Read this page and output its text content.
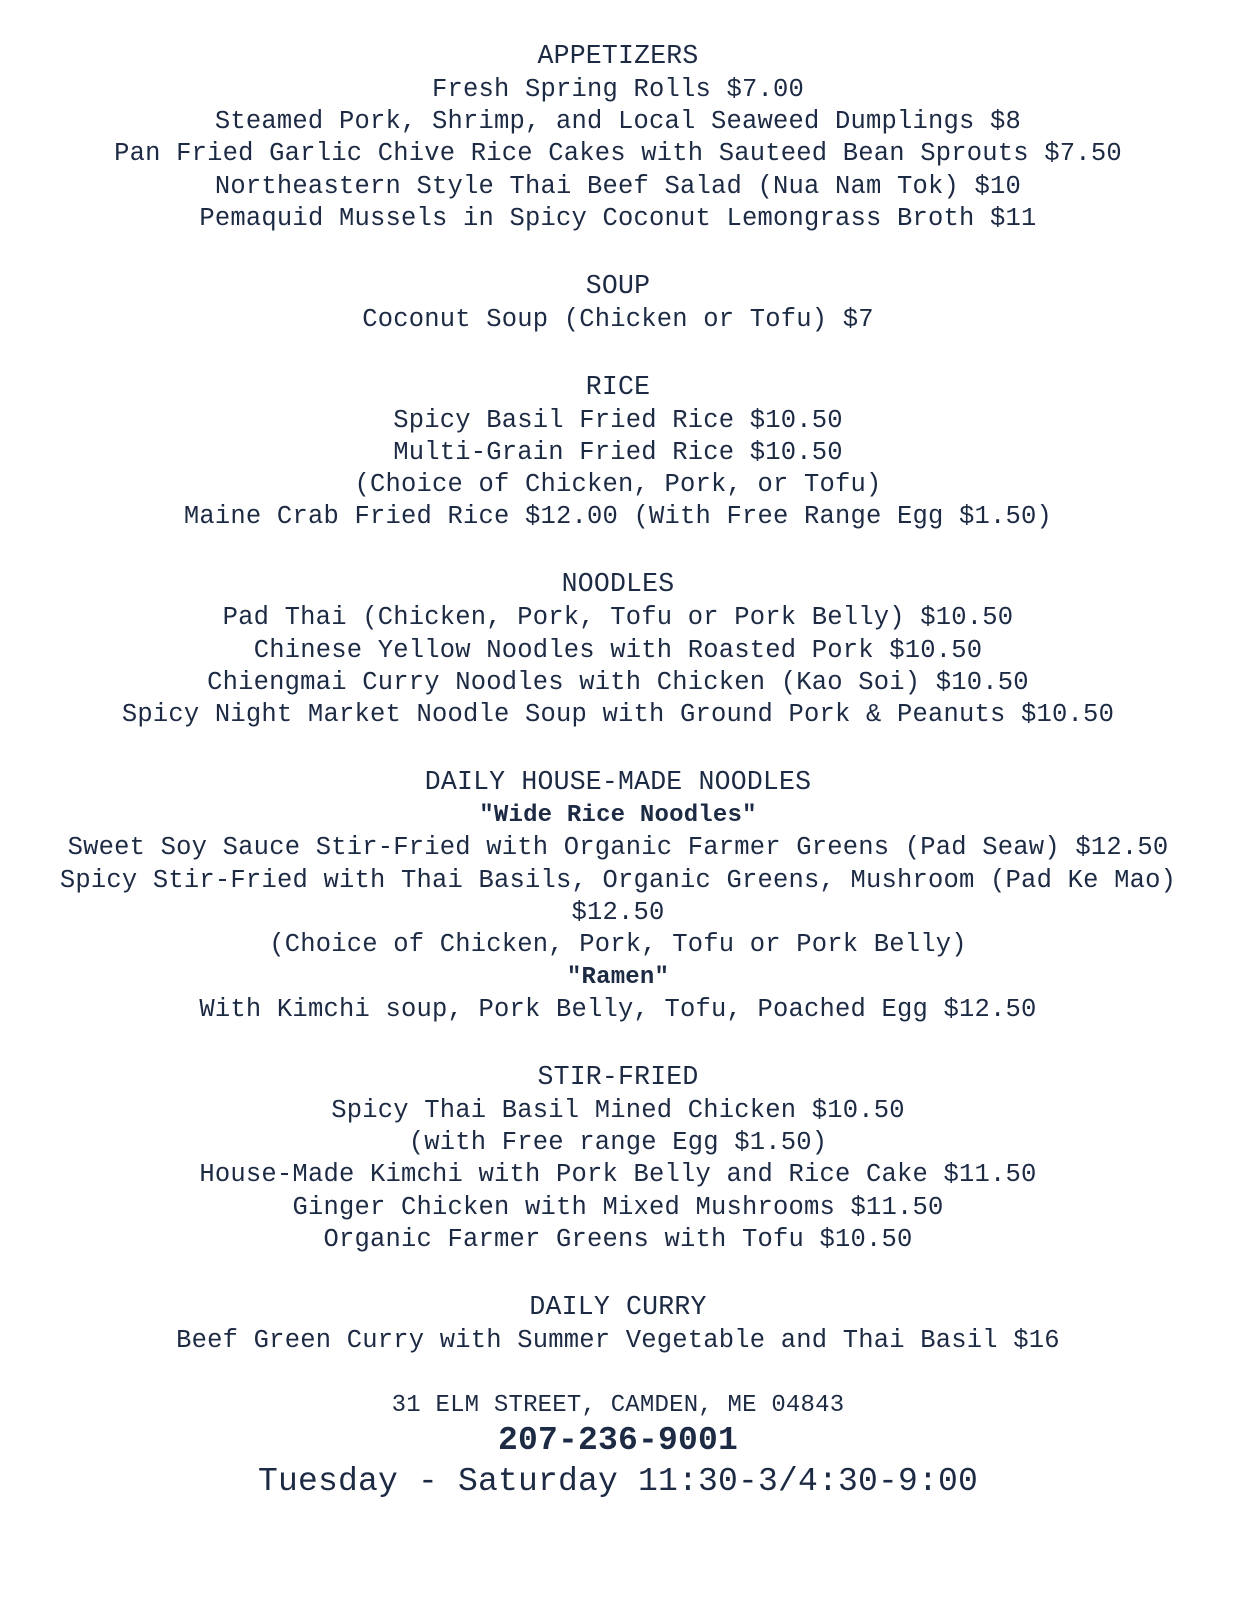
APPETIZERS
Fresh Spring Rolls $7.00
Steamed Pork, Shrimp, and Local Seaweed Dumplings $8
Pan Fried Garlic Chive Rice Cakes with Sauteed Bean Sprouts $7.50
Northeastern Style Thai Beef Salad (Nua Nam Tok) $10
Pemaquid Mussels in Spicy Coconut Lemongrass Broth $11
SOUP
Coconut Soup (Chicken or Tofu) $7
RICE
Spicy Basil Fried Rice $10.50
Multi-Grain Fried Rice $10.50
(Choice of Chicken, Pork, or Tofu)
Maine Crab Fried Rice $12.00 (With Free Range Egg $1.50)
NOODLES
Pad Thai (Chicken, Pork, Tofu or Pork Belly) $10.50
Chinese Yellow Noodles with Roasted Pork $10.50
Chiengmai Curry Noodles with Chicken (Kao Soi) $10.50
Spicy Night Market Noodle Soup with Ground Pork & Peanuts $10.50
DAILY HOUSE-MADE NOODLES
"Wide Rice Noodles"
Sweet Soy Sauce Stir-Fried with Organic Farmer Greens (Pad Seaw) $12.50
Spicy Stir-Fried with Thai Basils, Organic Greens, Mushroom (Pad Ke Mao)
$12.50
(Choice of Chicken, Pork, Tofu or Pork Belly)
"Ramen"
With Kimchi soup, Pork Belly, Tofu, Poached Egg $12.50
STIR-FRIED
Spicy Thai Basil Mined Chicken $10.50
(with Free range Egg $1.50)
House-Made Kimchi with Pork Belly and Rice Cake $11.50
Ginger Chicken with Mixed Mushrooms $11.50
Organic Farmer Greens with Tofu $10.50
DAILY CURRY
Beef Green Curry with Summer Vegetable and Thai Basil $16
31 ELM STREET, CAMDEN, ME 04843
207-236-9001
Tuesday - Saturday 11:30-3/4:30-9:00
